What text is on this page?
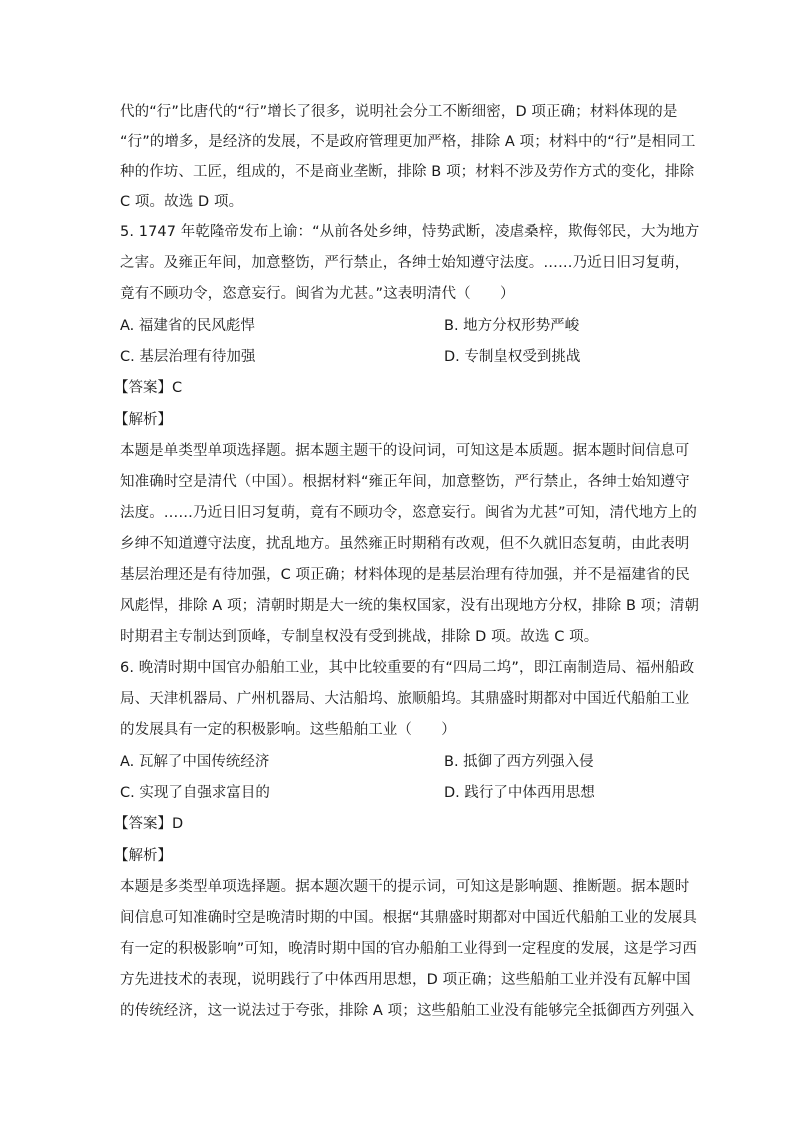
代的“行”比唐代的“行”增长了很多，说明社会分工不断细密，D 项正确；材料体现的是
“行”的增多，是经济的发展，不是政府管理更加严格，排除 A 项；材料中的“行”是相同工
种的作坊、工匠，组成的，不是商业垄断，排除 B 项；材料不涉及劳作方式的变化，排除
C 项。故选 D 项。
5. 1747 年乾隆帝发布上谕：“从前各处乡绅，恃势武断，凌虐桑梓，欺侮邻民，大为地方
之害。及雍正年间，加意整饬，严行禁止，各绅士始知遵守法度。……乃近日旧习复萌，
竟有不顾功令，恣意妄行。闽省为尤甚。”这表明清代（　　）
A. 福建省的民风彪悍	B. 地方分权形势严峻
C. 基层治理有待加强	D. 专制皇权受到挑战
【答案】C
【解析】
本题是单类型单项选择题。据本题主题干的设问词，可知这是本质题。据本题时间信息可
知准确时空是清代（中国）。根据材料“雍正年间，加意整饬，严行禁止，各绅士始知遵守
法度。……乃近日旧习复萌，竟有不顾功令，恣意妄行。闽省为尤甚”可知，清代地方上的
乡绅不知道遵守法度，扰乱地方。虽然雍正时期稍有改观，但不久就旧态复萌，由此表明
基层治理还是有待加强，C 项正确；材料体现的是基层治理有待加强，并不是福建省的民
风彪悍，排除 A 项；清朝时期是大一统的集权国家，没有出现地方分权，排除 B 项；清朝
时期君主专制达到顶峰，专制皇权没有受到挑战，排除 D 项。故选 C 项。
6. 晚清时期中国官办船舶工业，其中比较重要的有“四局二坞”，即江南制造局、福州船政
局、天津机器局、广州机器局、大沽船坞、旅顺船坞。其鼎盛时期都对中国近代船舶工业
的发展具有一定的积极影响。这些船舶工业（　　）
A. 瓦解了中国传统经济	B. 抵御了西方列强入侵
C. 实现了自强求富目的	D. 践行了中体西用思想
【答案】D
【解析】
本题是多类型单项选择题。据本题次题干的提示词，可知这是影响题、推断题。据本题时
间信息可知准确时空是晚清时期的中国。根据“其鼎盛时期都对中国近代船舶工业的发展具
有一定的积极影响”可知，晚清时期中国的官办船舶工业得到一定程度的发展，这是学习西
方先进技术的表现，说明践行了中体西用思想，D 项正确；这些船舶工业并没有瓦解中国
的传统经济，这一说法过于夸张，排除 A 项；这些船舶工业没有能够完全抵御西方列强入
